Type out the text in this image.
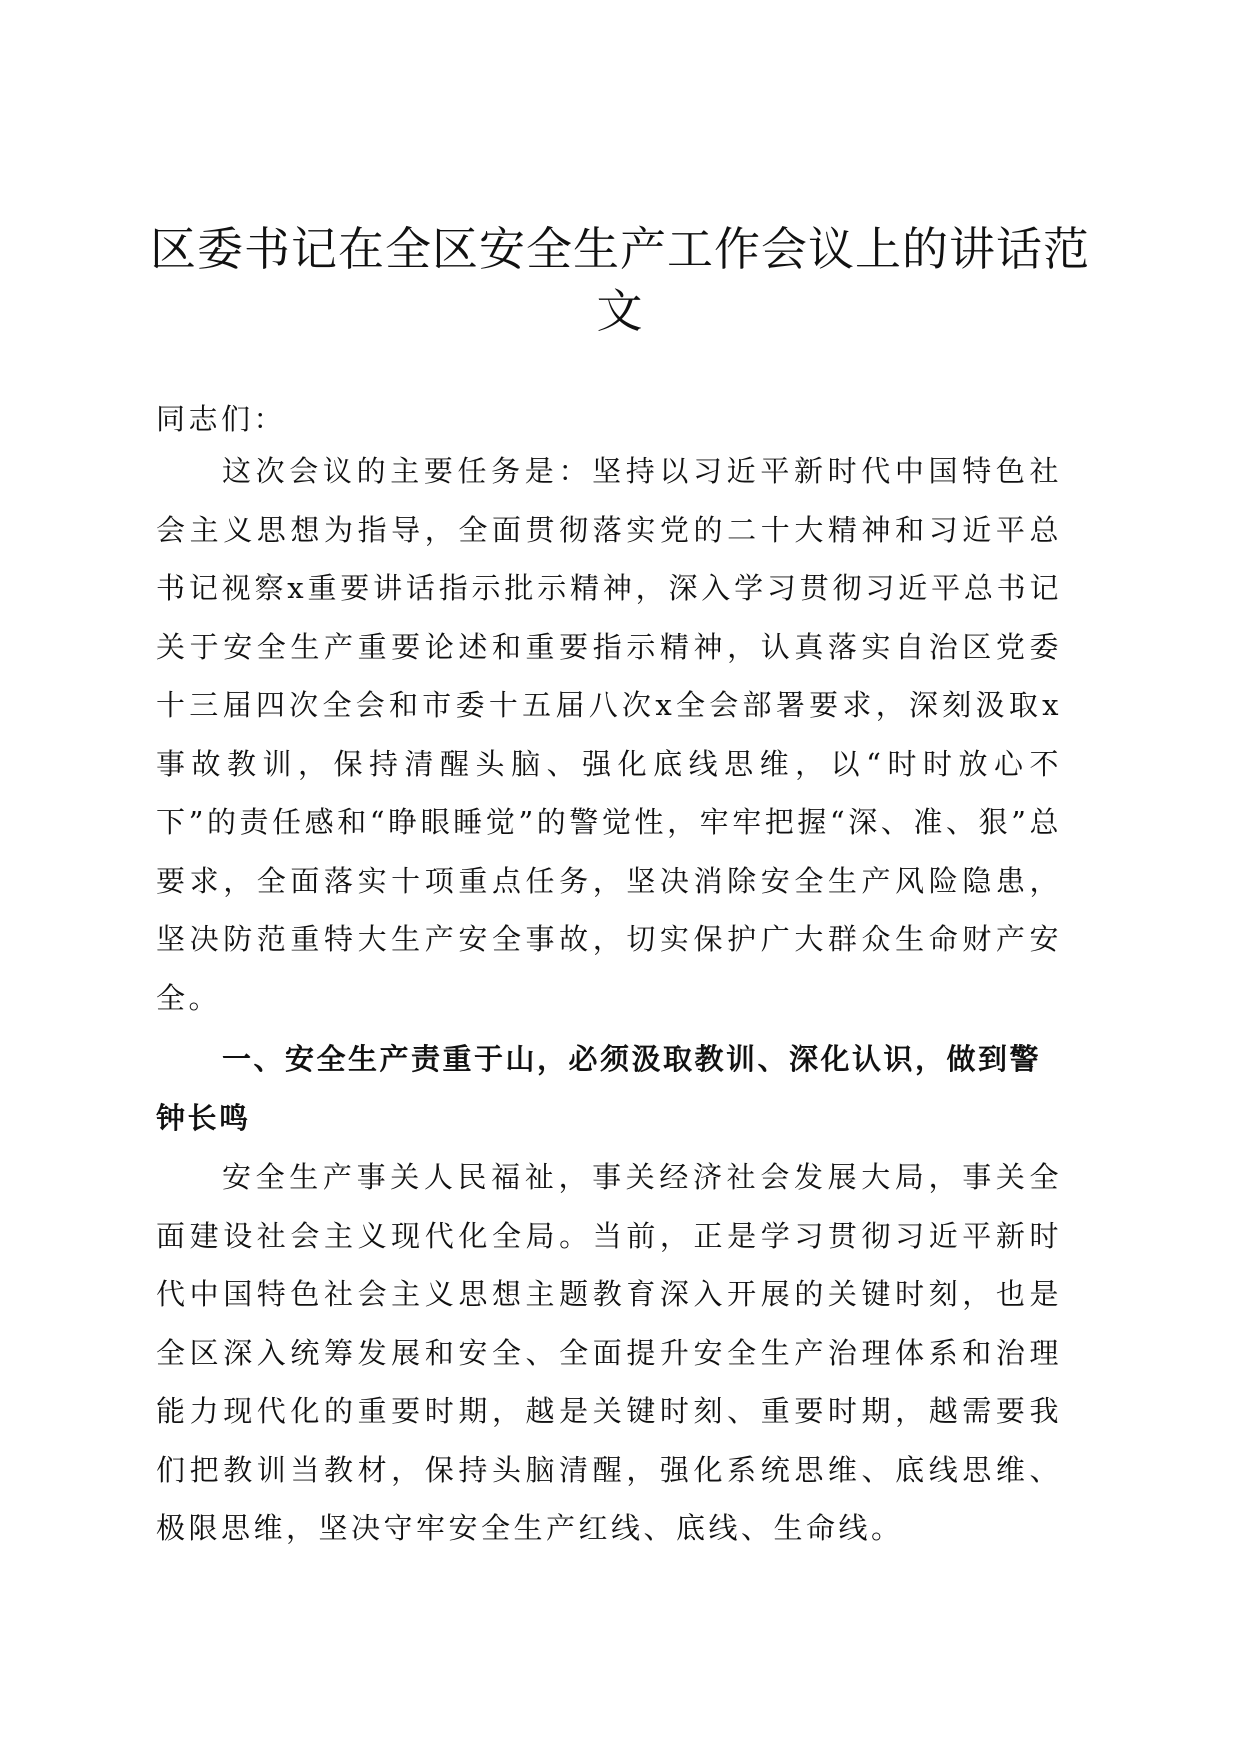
区委书记在全区安全生产工作会议上的讲话范文

同志们：

这次会议的主要任务是：坚持以习近平新时代中国特色社会主义思想为指导，全面贯彻落实党的二十大精神和习近平总书记视察x重要讲话指示批示精神，深入学习贯彻习近平总书记关于安全生产重要论述和重要指示精神，认真落实自治区党委十三届四次全会和市委十五届八次x全会部署要求，深刻汲取x事故教训，保持清醒头脑、强化底线思维，以“时时放心不下”的责任感和“睁眼睡觉”的警觉性，牢牢把握“深、准、狠”总要求，全面落实十项重点任务，坚决消除安全生产风险隐患，坚决防范重特大生产安全事故，切实保护广大群众生命财产安全。

一、安全生产责重于山，必须汲取教训、深化认识，做到警钟长鸣

安全生产事关人民福祉，事关经济社会发展大局，事关全面建设社会主义现代化全局。当前，正是学习贯彻习近平新时代中国特色社会主义思想主题教育深入开展的关键时刻，也是全区深入统筹发展和安全、全面提升安全生产治理体系和治理能力现代化的重要时期，越是关键时刻、重要时期，越需要我们把教训当教材，保持头脑清醒，强化系统思维、底线思维、极限思维，坚决守牢安全生产红线、底线、生命线。
